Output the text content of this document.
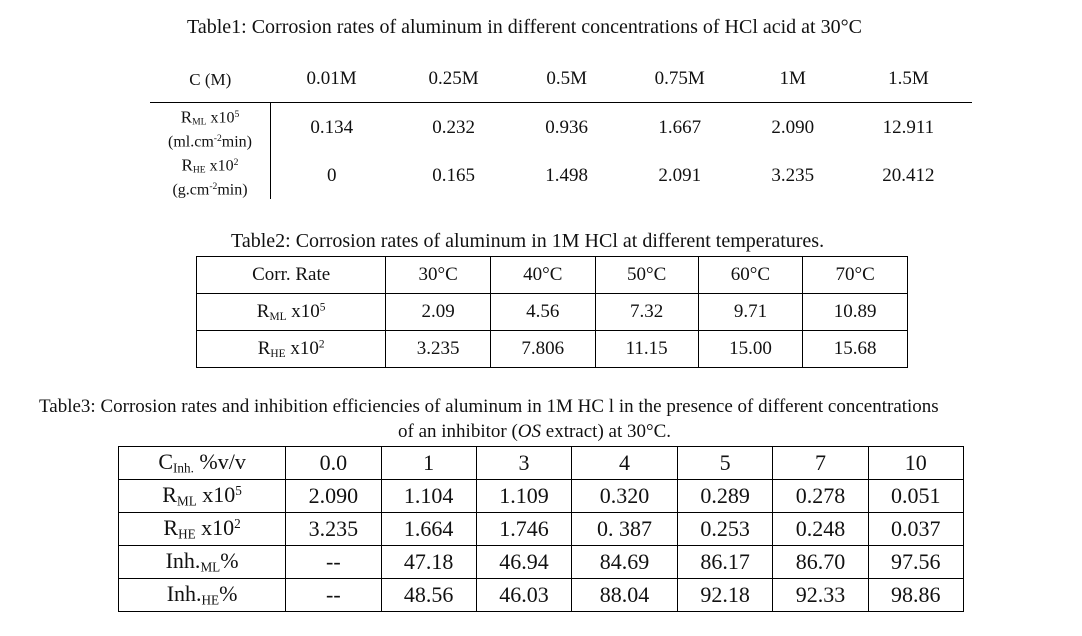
Table1: Corrosion rates of aluminum in different concentrations of HCl acid at 30°C
C (M)	0.01M	0.25M	0.5M	0.75M	1M	1.5M

$R_{ML}$ $x10^5$
$(ml.cm^{-2}\min)$	0.134	0.232	0.936	1.667	2.090	12.911

$R_{HE}$ $x10^2$
$(g.cm^{-2}\min)$	0	0.165	1.498	2.091	3.235	20.412
Table2: Corrosion rates of aluminum in 1M HCl at different temperatures.
Corr. Rate	30°C	40°C	50°C	60°C	70°C
$R_{ML}$ $x10^5$	2.09	4.56	7.32	9.71	10.89
$R_{HE}$ $x10^2$	3.235	7.806	11.15	15.00	15.68
Table3: Corrosion rates and inhibition efficiencies of aluminum in 1M HC l in the presence of different concentrations
of an inhibitor (OS extract) at 30°C.
$C_{Inh.}$ %v/v	0.0	1	3	4	5	7	10
$R_{ML}$ $x10^5$	2.090	1.104	1.109	0.320	0.289	0.278	0.051
$R_{HE}$ $x10^2$	3.235	1.664	1.746	0. 387	0.253	0.248	0.037
$Inh._{ML}\%$	--	47.18	46.94	84.69	86.17	86.70	97.56
$Inh._{HE}\%$	--	48.56	46.03	88.04	92.18	92.33	98.86
